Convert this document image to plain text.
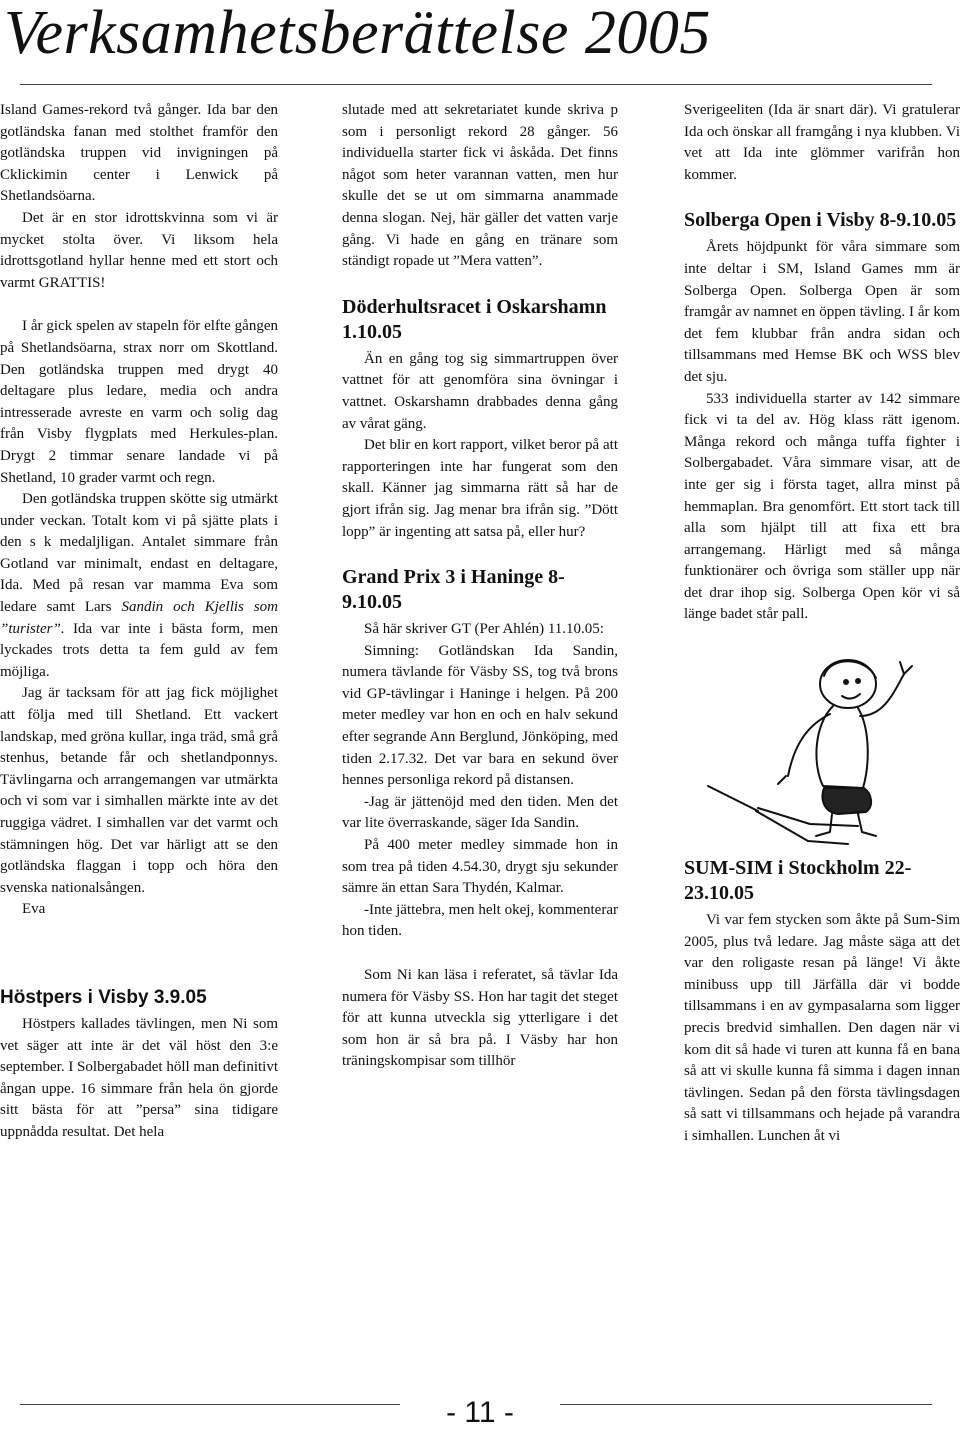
Verksamhetsberättelse 2005

Island Games-rekord två gånger. Ida bar den gotländska fanan med stolthet framför den gotländska truppen vid invigningen på Cklickimin center i Lenwick på Shetlandsöarna.

Det är en stor idrottskvinna som vi är mycket stolta över. Vi liksom hela idrottsgotland hyllar henne med ett stort och varmt GRATTIS!

I år gick spelen av stapeln för elfte gången på Shetlandsöarna, strax norr om Skottland. Den gotländska truppen med drygt 40 deltagare plus ledare, media och andra intresserade avreste en varm och solig dag från Visby flygplats med Herkules-plan. Drygt 2 timmar senare landade vi på Shetland, 10 grader varmt och regn.

Den gotländska truppen skötte sig utmärkt under veckan. Totalt kom vi på sjätte plats i den s k medaljligan. Antalet simmare från Gotland var minimalt, endast en deltagare, Ida. Med på resan var mamma Eva som ledare samt Lars Sandin och Kjellis som ”turister”. Ida var inte i bästa form, men lyckades trots detta ta fem guld av fem möjliga.

Jag är tacksam för att jag fick möjlighet att följa med till Shetland. Ett vackert landskap, med gröna kullar, inga träd, små grå stenhus, betande får och shetlandponnys. Tävlingarna och arrangemangen var utmärkta och vi som var i simhallen märkte inte av det ruggiga vädret. I simhallen var det varmt och stämningen hög. Det var härligt att se den gotländska flaggan i topp och höra den svenska nationalsången.

Eva

Höstpers i Visby 3.9.05

Höstpers kallades tävlingen, men Ni som vet säger att inte är det väl höst den 3:e september. I Solbergabadet höll man definitivt ångan uppe. 16 simmare från hela ön gjorde sitt bästa för att ”persa” sina tidigare uppnådda resultat. Det hela

slutade med att sekretariatet kunde skriva p som i personligt rekord 28 gånger. 56 individuella starter fick vi åskåda. Det finns något som heter varannan vatten, men hur skulle det se ut om simmarna anammade denna slogan. Nej, här gäller det vatten varje gång. Vi hade en gång en tränare som ständigt ropade ut ”Mera vatten”.

Döderhultsracet i Oskarshamn 1.10.05

Än en gång tog sig simmartruppen över vattnet för att genomföra sina övningar i vattnet. Oskarshamn drabbades denna gång av vårat gäng.

Det blir en kort rapport, vilket beror på att rapporteringen inte har fungerat som den skall. Känner jag simmarna rätt så har de gjort ifrån sig. Jag menar bra ifrån sig. ”Dött lopp” är ingenting att satsa på, eller hur?

Grand Prix 3 i Haninge 8-9.10.05

Så här skriver GT (Per Ahlén) 11.10.05:

Simning: Gotländskan Ida Sandin, numera tävlande för Väsby SS, tog två brons vid GP-tävlingar i Haninge i helgen. På 200 meter medley var hon en och en halv sekund efter segrande Ann Berglund, Jönköping, med tiden 2.17.32. Det var bara en sekund över hennes personliga rekord på distansen.

-Jag är jättenöjd med den tiden. Men det var lite överraskande, säger Ida Sandin.

På 400 meter medley simmade hon in som trea på tiden 4.54.30, drygt sju sekunder sämre än ettan Sara Thydén, Kalmar.

-Inte jättebra, men helt okej, kommenterar hon tiden.

Som Ni kan läsa i referatet, så tävlar Ida numera för Väsby SS. Hon har tagit det steget för att kunna utveckla sig ytterligare i det som hon är så bra på. I Väsby har hon träningskompisar som tillhör

Sverigeeliten (Ida är snart där). Vi gratulerar Ida och önskar all framgång i nya klubben. Vi vet att Ida inte glömmer varifrån hon kommer.

Solberga Open i Visby 8-9.10.05

Årets höjdpunkt för våra simmare som inte deltar i SM, Island Games mm är Solberga Open. Solberga Open är som framgår av namnet en öppen tävling. I år kom det fem klubbar från andra sidan och tillsammans med Hemse BK och WSS blev det sju.

533 individuella starter av 142 simmare fick vi ta del av. Hög klass rätt igenom. Många rekord och många tuffa fighter i Solbergabadet. Våra simmare visar, att de inte ger sig i första taget, allra minst på hemmaplan. Bra genomfört. Ett stort tack till alla som hjälpt till att fixa ett bra arrangemang. Härligt med så många funktionärer och övriga som ställer upp när det drar ihop sig. Solberga Open kör vi så länge badet står pall.

SUM-SIM i Stockholm 22-23.10.05

Vi var fem stycken som åkte på Sum-Sim 2005, plus två ledare. Jag måste säga att det var den roligaste resan på länge! Vi åkte minibuss upp till Järfälla där vi bodde tillsammans i en av gympasalarna som ligger precis bredvid simhallen. Den dagen när vi kom dit så hade vi turen att kunna få en bana så att vi skulle kunna få simma i dagen innan tävlingen. Sedan på den första tävlingsdagen så satt vi tillsammans och hejade på varandra i simhallen. Lunchen åt vi

- 11 -
